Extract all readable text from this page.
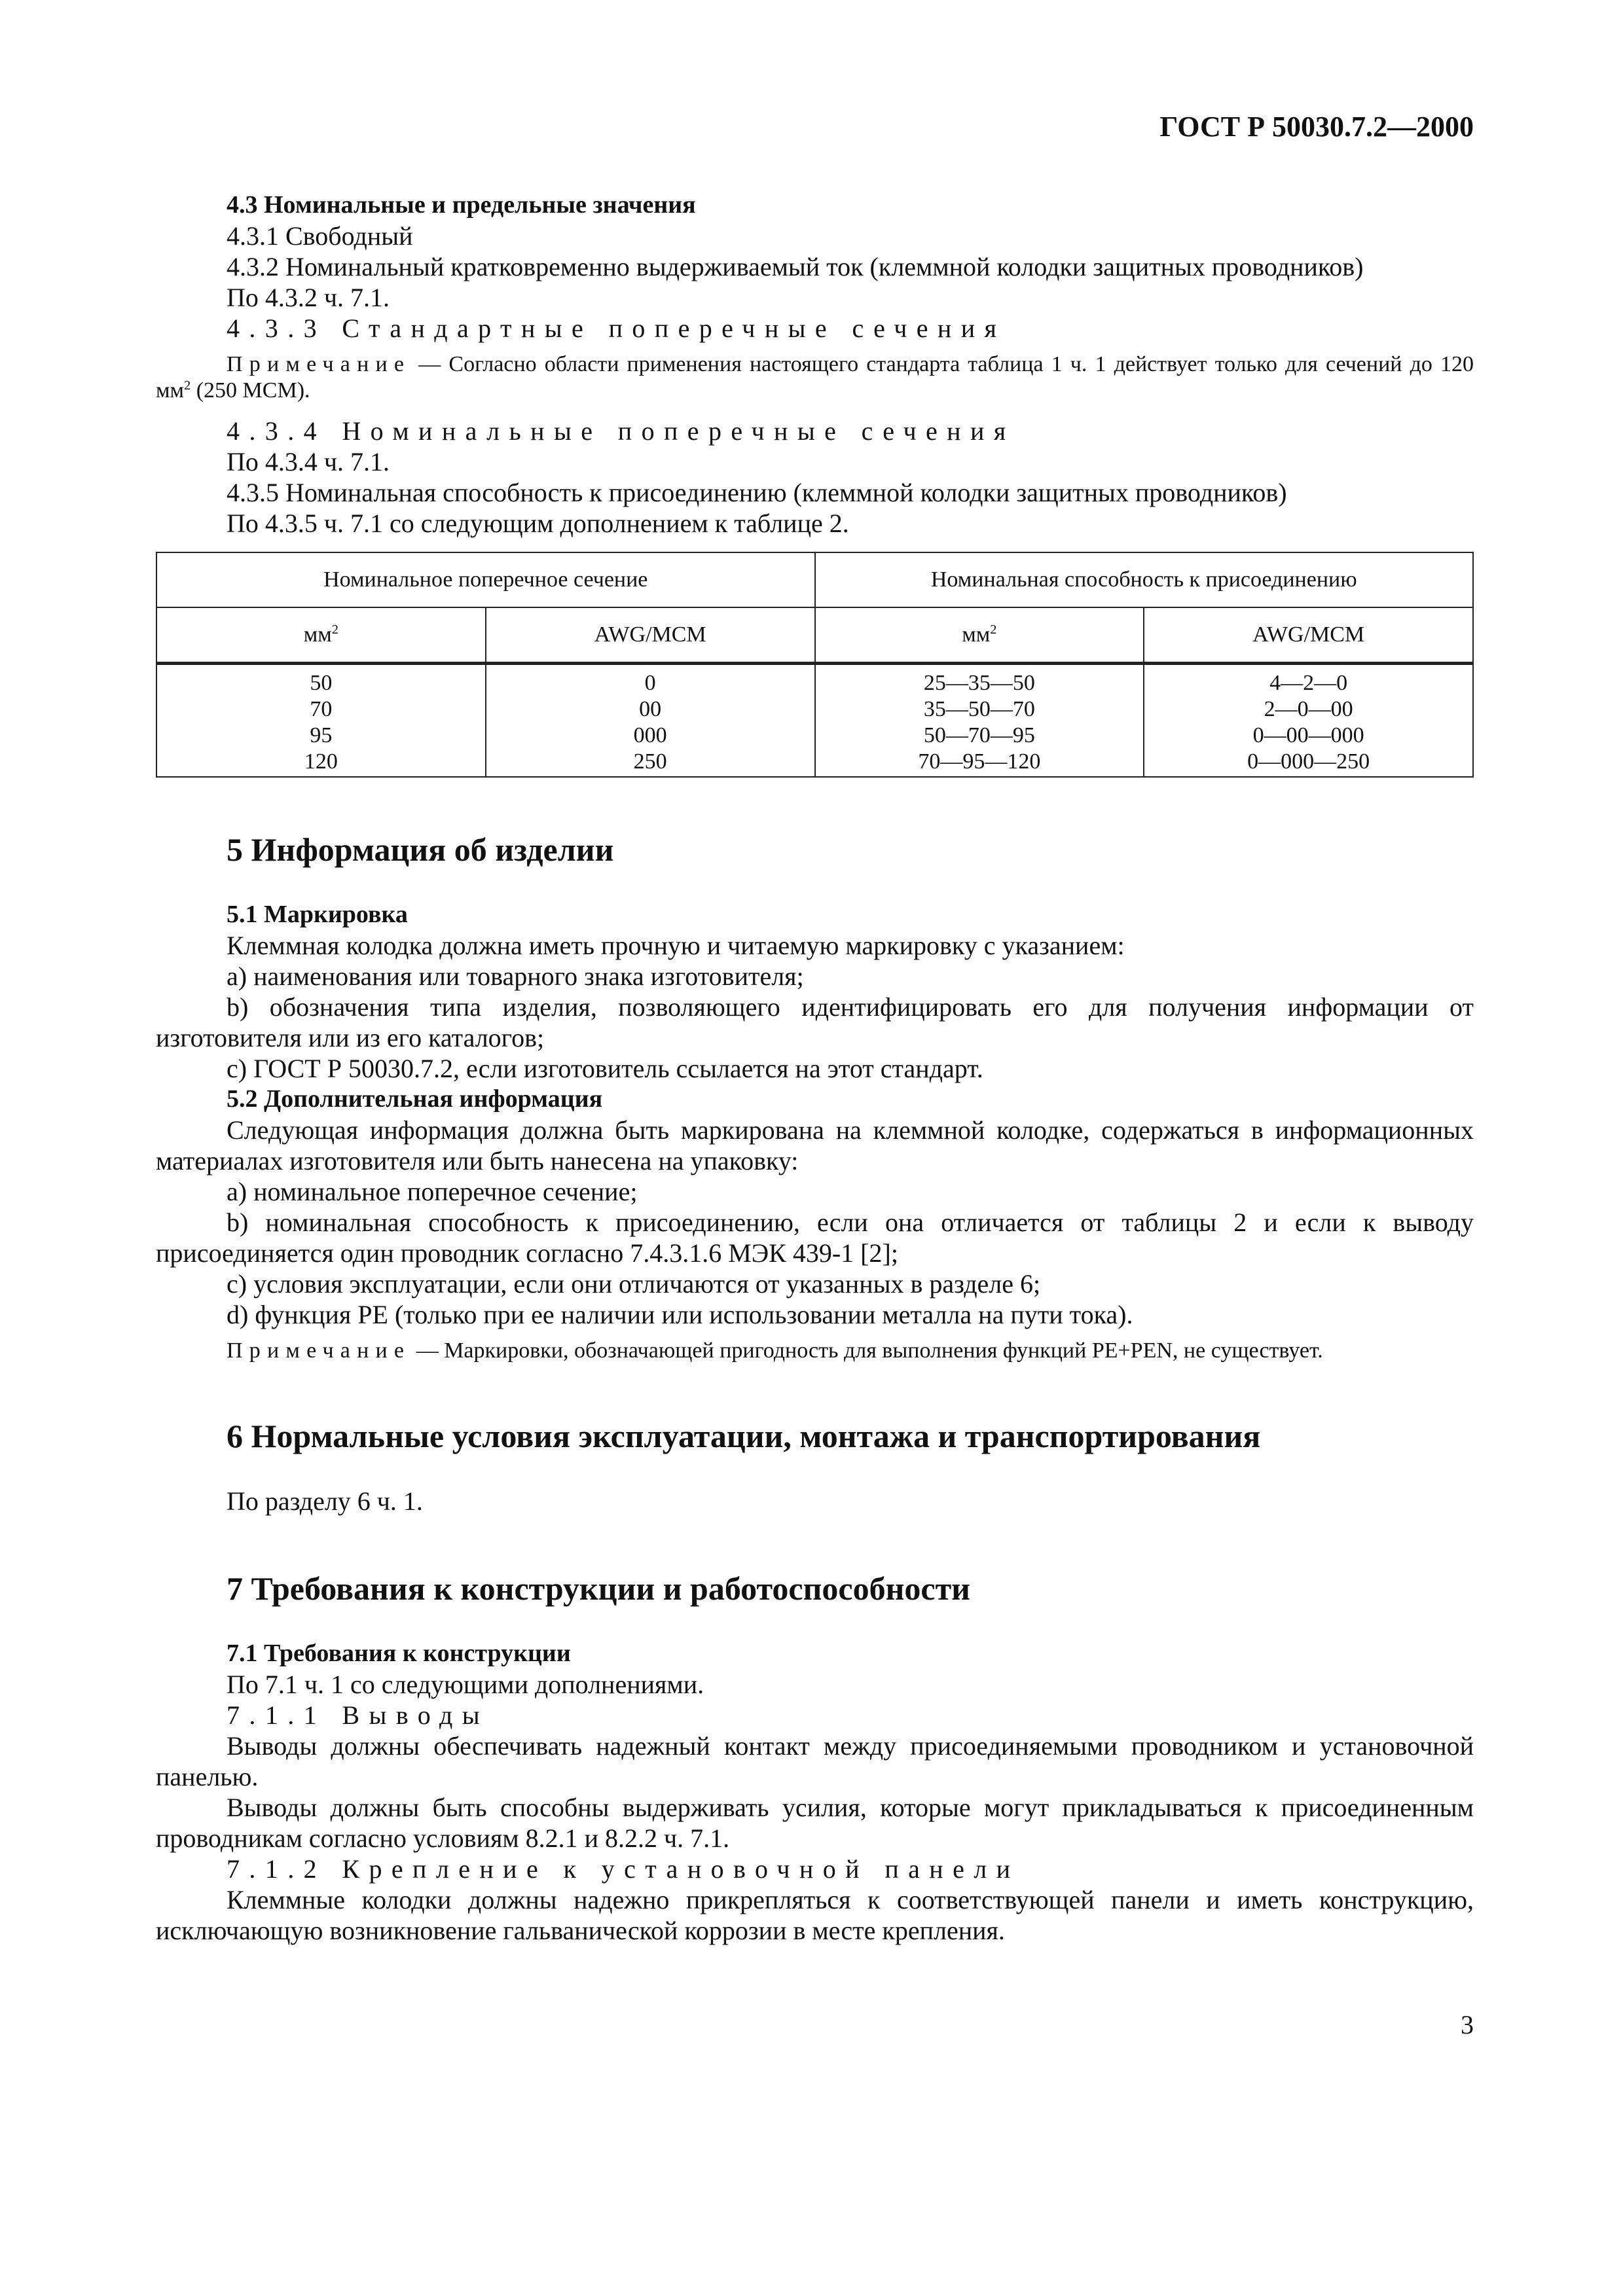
ГОСТ Р 50030.7.2—2000

4.3 Номинальные и предельные значения

4.3.1 Свободный

4.3.2 Номинальный кратковременно выдерживаемый ток (клеммной колодки защитных проводников)

По 4.3.2 ч. 7.1.

4.3.3 Стандартные поперечные сечения

Примечание — Согласно области применения настоящего стандарта таблица 1 ч. 1 действует только для сечений до 120 $мм^2$ (250 МСМ).

4.3.4 Номинальные поперечные сечения

По 4.3.4 ч. 7.1.

4.3.5 Номинальная способность к присоединению (клеммной колодки защитных проводников)

По 4.3.5 ч. 7.1 со следующим дополнением к таблице 2.

Номинальное поперечное сечение		Номинальная способность к присоединению	
$мм^2$	AWG/MCM	$мм^2$	AWG/MCM
50	0	25—35—50	4—2—0
70	00	35—50—70	2—0—00
95	000	50—70—95	0—00—000
120	250	70—95—120	0—000—250

5 Информация об изделии

5.1 Маркировка

Клеммная колодка должна иметь прочную и читаемую маркировку с указанием:

а) наименования или товарного знака изготовителя;

b) обозначения типа изделия, позволяющего идентифицировать его для получения информации от изготовителя или из его каталогов;

с) ГОСТ Р 50030.7.2, если изготовитель ссылается на этот стандарт.

5.2 Дополнительная информация

Следующая информация должна быть маркирована на клеммной колодке, содержаться в информационных материалах изготовителя или быть нанесена на упаковку:

а) номинальное поперечное сечение;

b) номинальная способность к присоединению, если она отличается от таблицы 2 и если к выводу присоединяется один проводник согласно 7.4.3.1.6 МЭК 439-1 [2];

с) условия эксплуатации, если они отличаются от указанных в разделе 6;

d) функция РЕ (только при ее наличии или использовании металла на пути тока).

Примечание — Маркировки, обозначающей пригодность для выполнения функций PE+PEN, не существует.

6 Нормальные условия эксплуатации, монтажа и транспортирования

По разделу 6 ч. 1.

7 Требования к конструкции и работоспособности

7.1 Требования к конструкции

По 7.1 ч. 1 со следующими дополнениями.

7.1.1 Выводы

Выводы должны обеспечивать надежный контакт между присоединяемыми проводником и установочной панелью.

Выводы должны быть способны выдерживать усилия, которые могут прикладываться к присоединенным проводникам согласно условиям 8.2.1 и 8.2.2 ч. 7.1.

7.1.2 Крепление к установочной панели

Клеммные колодки должны надежно прикрепляться к соответствующей панели и иметь конструкцию, исключающую возникновение гальванической коррозии в месте крепления.

3
